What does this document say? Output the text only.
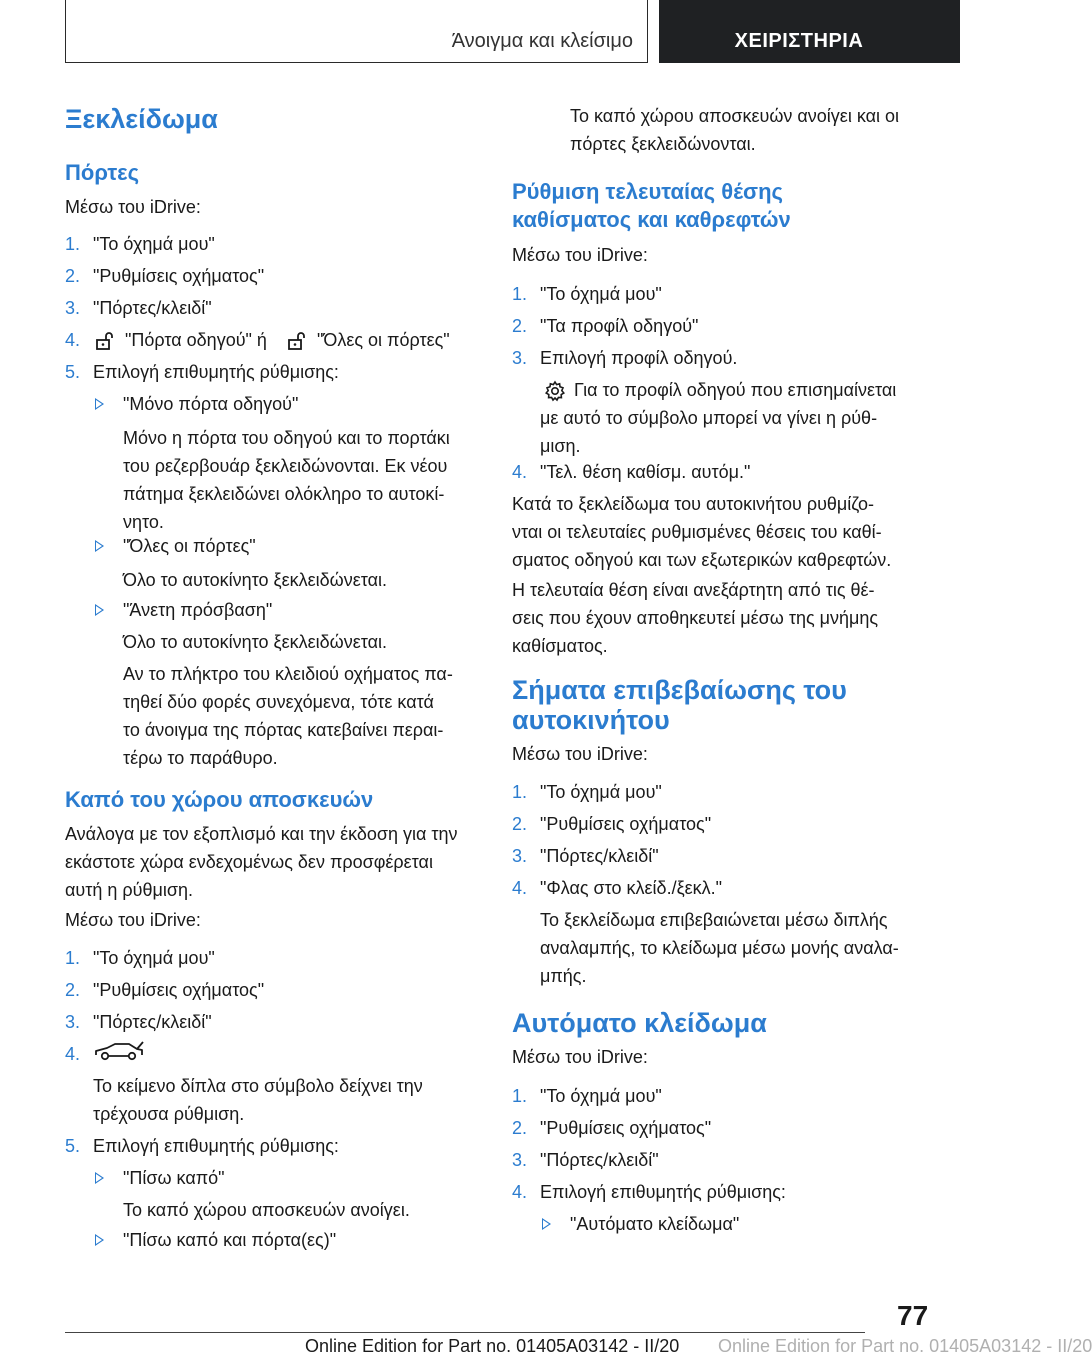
Άνοιγμα και κλείσιμο	ΧΕΙΡΙΣΤΗΡΙΑ
Ξεκλείδωμα
Πόρτες

Μέσω του iDrive:

1. "Το όχημά μου"

2. "Ρυθμίσεις οχήματος"

3. "Πόρτες/κλειδί"

4.	"Πόρτα οδηγού" ή	"Όλες οι πόρτες"

5. Επιλογή επιθυμητής ρύθμισης:

"Μόνο πόρτα οδηγού"

Μόνο η πόρτα του οδηγού και το πορτάκι

του ρεζερβουάρ ξεκλειδώνονται. Εκ νέου

πάτημα ξεκλειδώνει ολόκληρο το αυτοκί-

νητο.

"Όλες οι πόρτες"

Όλο το αυτοκίνητο ξεκλειδώνεται.

"Άνετη πρόσβαση"

Όλο το αυτοκίνητο ξεκλειδώνεται.

Αν το πλήκτρο του κλειδιού οχήματος πα-

τηθεί δύο φορές συνεχόμενα, τότε κατά

το άνοιγμα της πόρτας κατεβαίνει περαι-

τέρω το παράθυρο.

Καπό του χώρου αποσκευών

Ανάλογα με τον εξοπλισμό και την έκδοση για την

εκάστοτε χώρα ενδεχομένως δεν προσφέρεται

αυτή η ρύθμιση.

Μέσω του iDrive:

1. "Το όχημά μου"

2. "Ρυθμίσεις οχήματος"

3. "Πόρτες/κλειδί"

4.

Το κείμενο δίπλα στο σύμβολο δείχνει την

τρέχουσα ρύθμιση.

5. Επιλογή επιθυμητής ρύθμισης:

"Πίσω καπό"

Το καπό χώρου αποσκευών ανοίγει.

"Πίσω καπό και πόρτα(ες)"

Το καπό χώρου αποσκευών ανοίγει και οι

πόρτες ξεκλειδώνονται.

Ρύθμιση τελευταίας θέσης
καθίσματος και καθρεφτών

Μέσω του iDrive:

1. "Το όχημά μου"

2. "Τα προφίλ οδηγού"

3. Επιλογή προφίλ οδηγού.

Για το προφίλ οδηγού που επισημαίνεται

με αυτό το σύμβολο μπορεί να γίνει η ρύθ-

μιση.

4. "Τελ. θέση καθίσμ. αυτόμ."

Κατά το ξεκλείδωμα του αυτοκινήτου ρυθμίζο-

νται οι τελευταίες ρυθμισμένες θέσεις του καθί-

σματος οδηγού και των εξωτερικών καθρεφτών.

Η τελευταία θέση είναι ανεξάρτητη από τις θέ-

σεις που έχουν αποθηκευτεί μέσω της μνήμης

καθίσματος.

Σήματα επιβεβαίωσης του
αυτοκινήτου

Μέσω του iDrive:

1. "Το όχημά μου"

2. "Ρυθμίσεις οχήματος"

3. "Πόρτες/κλειδί"

4. "Φλας στο κλείδ./ξεκλ."

Το ξεκλείδωμα επιβεβαιώνεται μέσω διπλής

αναλαμπής, το κλείδωμα μέσω μονής αναλα-

μπής.

Αυτόματο κλείδωμα

Μέσω του iDrive:

1. "Το όχημά μου"

2. "Ρυθμίσεις οχήματος"

3. "Πόρτες/κλειδί"

4. Επιλογή επιθυμητής ρύθμισης:

"Αυτόματο κλείδωμα"

77
Online Edition for Part no. 01405A03142 - II/20 Online Edition for Part no. 01405A03142 - II/20
